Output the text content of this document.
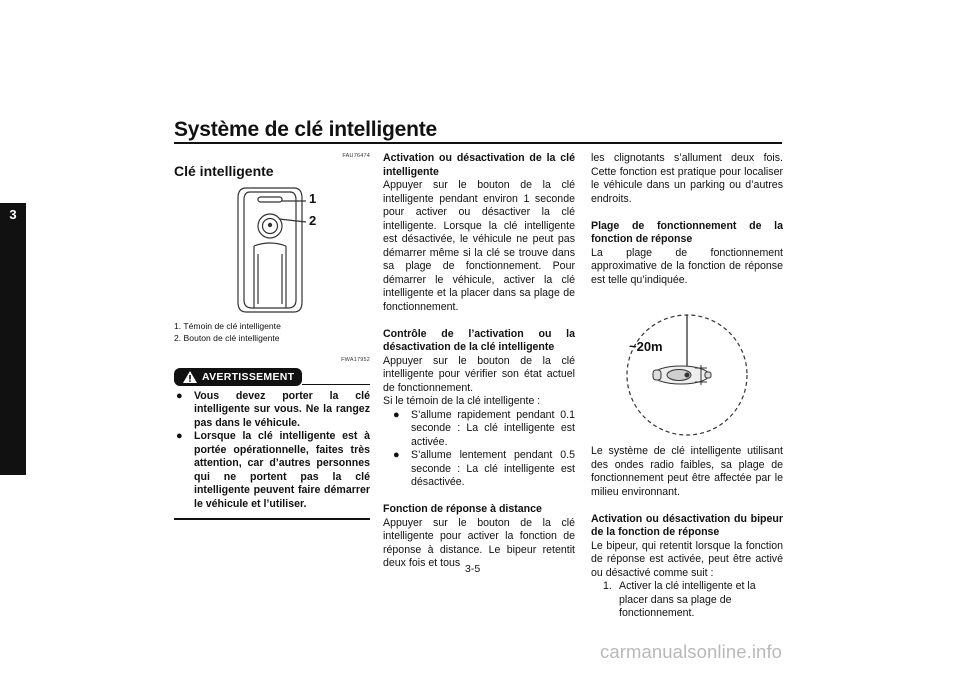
Système de clé intelligente
3
FAU76474
Clé intelligente
1
2
1. Témoin de clé intelligente
2. Bouton de clé intelligente
FWA17952
AVERTISSEMENT
●	Vous devez porter la clé intelligente sur vous. Ne la rangez pas dans le véhicule.
●	Lorsque la clé intelligente est à portée opérationnelle, faites très attention, car d’autres personnes qui ne portent pas la clé intelligente peuvent faire démarrer le véhicule et l’utiliser.

Activation ou désactivation de la clé intelligente

Appuyer sur le bouton de la clé intelligente pendant environ 1 seconde pour activer ou désactiver la clé intelligente. Lorsque la clé intelligente est désactivée, le véhicule ne peut pas démarrer même si la clé se trouve dans sa plage de fonctionnement. Pour démarrer le véhicule, activer la clé intelligente et la placer dans sa plage de fonctionnement.

Contrôle de l’activation ou la désactivation de la clé intelligente

Appuyer sur le bouton de la clé intelligente pour vérifier son état actuel de fonctionnement.

Si le témoin de la clé intelligente :

●	S’allume rapidement pendant 0.1 seconde : La clé intelligente est activée.
●	S’allume lentement pendant 0.5 seconde : La clé intelligente est désactivée.

Fonction de réponse à distance

Appuyer sur le bouton de la clé intelligente pour activer la fonction de réponse à distance. Le bipeur retentit deux fois et tous

les clignotants s’allument deux fois. Cette fonction est pratique pour localiser le véhicule dans un parking ou d’autres endroits.

Plage de fonctionnement de la fonction de réponse

La plage de fonctionnement approximative de la fonction de réponse est telle qu’indiquée.

~20m

Le système de clé intelligente utilisant des ondes radio faibles, sa plage de fonctionnement peut être affectée par le milieu environnant.

Activation ou désactivation du bipeur de la fonction de réponse

Le bipeur, qui retentit lorsque la fonction de réponse est activée, peut être activé ou désactivé comme suit :

1. Activer la clé intelligente et la placer dans sa plage de fonctionnement.
3-5
carmanualsonline.info
